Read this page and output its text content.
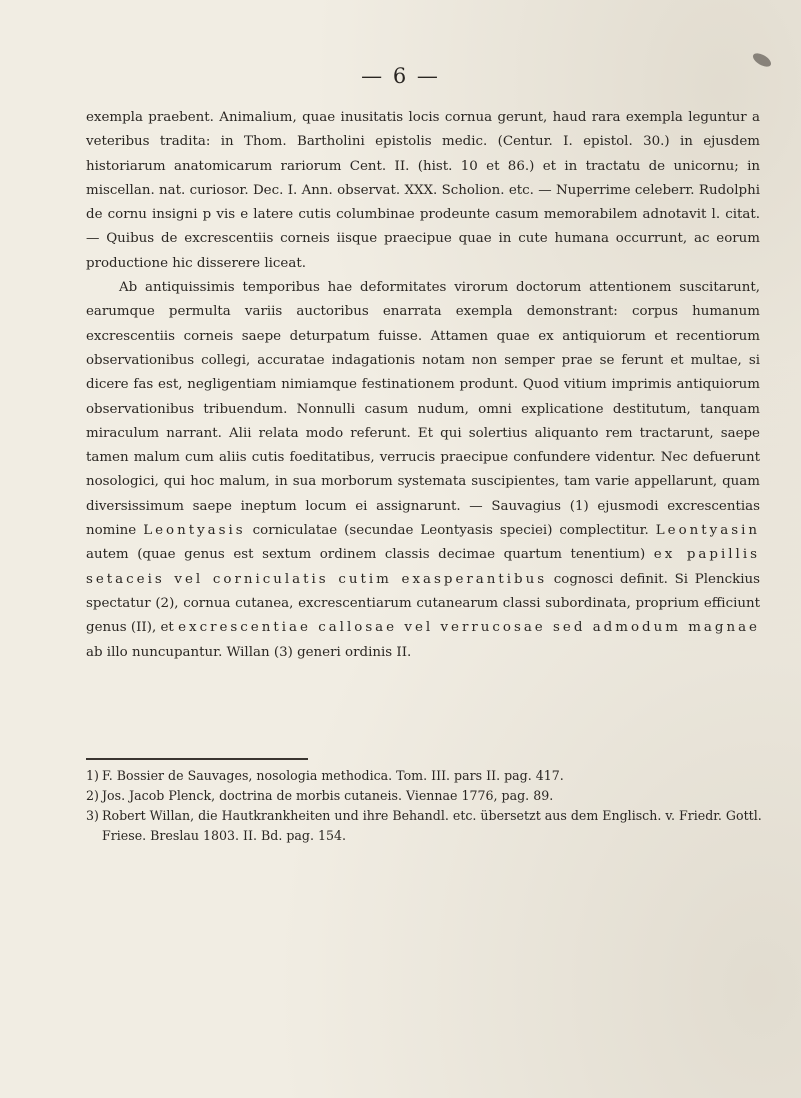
— 6 —

exempla praebent. Animalium, quae inusitatis locis cornua gerunt, haud rara exempla leguntur a veteribus tradita: in Thom. Bartholini epistolis medic. (Centur. I. epistol. 30.) in ejusdem historiarum anatomicarum rariorum Cent. II. (hist. 10 et 86.) et in tractatu de unicornu; in miscellan. nat. curiosor. Dec. I. Ann. observat. XXX. Scholion. etc. — Nuperrime celeberr. Rudolphi de cornu insigni p vis e latere cutis columbinae prodeunte casum memorabilem adnotavit l. citat. — Quibus de excrescentiis corneis iisque praecipue quae in cute humana occurrunt, ac eorum productione hic disserere liceat.

Ab antiquissimis temporibus hae deformitates virorum doctorum attentionem suscitarunt, earumque permulta variis auctoribus enarrata exempla demonstrant: corpus humanum excrescentiis corneis saepe deturpatum fuisse. Attamen quae ex antiquiorum et recentiorum observationibus collegi, accuratae indagationis notam non semper prae se ferunt et multae, si dicere fas est, negligentiam nimiamque festinationem produnt. Quod vitium imprimis antiquiorum observationibus tribuendum. Nonnulli casum nudum, omni explicatione destitutum, tanquam miraculum narrant. Alii relata modo referunt. Et qui solertius aliquanto rem tractarunt, saepe tamen malum cum aliis cutis foeditatibus, verrucis praecipue confundere videntur. Nec defuerunt nosologici, qui hoc malum, in sua morborum systemata suscipientes, tam varie appellarunt, quam diversissimum saepe ineptum locum ei assignarunt. — Sauvagius (1) ejusmodi excrescentias nomine Leontyasis corniculatae (secundae Leontyasis speciei) complectitur. Leontyasin autem (quae genus est sextum ordinem classis decimae quartum tenentium) ex papillis setaceis vel corniculatis cutim exasperantibus cognosci definit. Si Plenckius spectatur (2), cornua cutanea, excrescentiarum cutanearum classi subordinata, proprium efficiunt genus (II), et excrescentiae callosae vel verrucosae sed admodum magnae ab illo nuncupantur. Willan (3) generi ordinis II.

1) F. Bossier de Sauvages, nosologia methodica. Tom. III. pars II. pag. 417.
2) Jos. Jacob Plenck, doctrina de morbis cutaneis. Viennae 1776, pag. 89.
3) Robert Willan, die Hautkrankheiten und ihre Behandl. etc. übersetzt aus dem Englisch. v. Friedr. Gottl. Friese. Breslau 1803. II. Bd. pag. 154.
